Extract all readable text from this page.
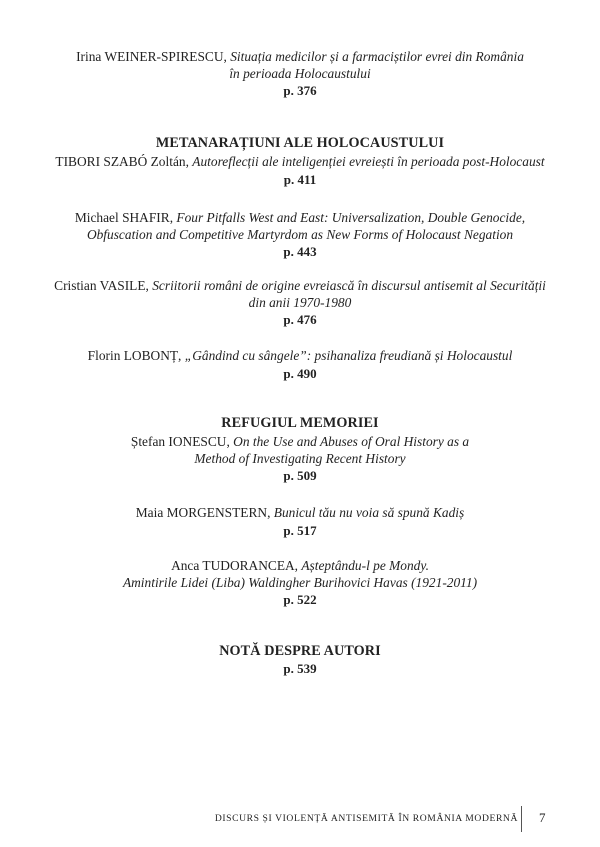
Irina WEINER-SPIRESCU, Situația medicilor și a farmaciștilor evrei din România
în perioada Holocaustului
p. 376
METANARAȚIUNI ALE HOLOCAUSTULUI
TIBORI SZABÓ Zoltán, Autoreflecții ale inteligenției evreiești în perioada post-Holocaust
p. 411
Michael SHAFIR, Four Pitfalls West and East: Universalization, Double Genocide,
Obfuscation and Competitive Martyrdom as New Forms of Holocaust Negation
p. 443
Cristian VASILE, Scriitorii români de origine evreiască în discursul antisemit al Securității
din anii 1970-1980
p. 476
Florin LOBONȚ, „Gândind cu sângele”: psihanaliza freudiană și Holocaustul
p. 490
REFUGIUL MEMORIEI
Ștefan IONESCU, On the Use and Abuses of Oral History as a
Method of Investigating Recent History
p. 509
Maia MORGENSTERN, Bunicul tău nu voia să spună Kadiș
p. 517
Anca TUDORANCEA, Așteptându-l pe Mondy.
Amintirile Lidei (Liba) Waldingher Burihovici Havas (1921-2011)
p. 522
NOTĂ DESPRE AUTORI
p. 539
DISCURS ȘI VIOLENȚĂ ANTISEMITĂ ÎN ROMÂNIA MODERNĂ 7
